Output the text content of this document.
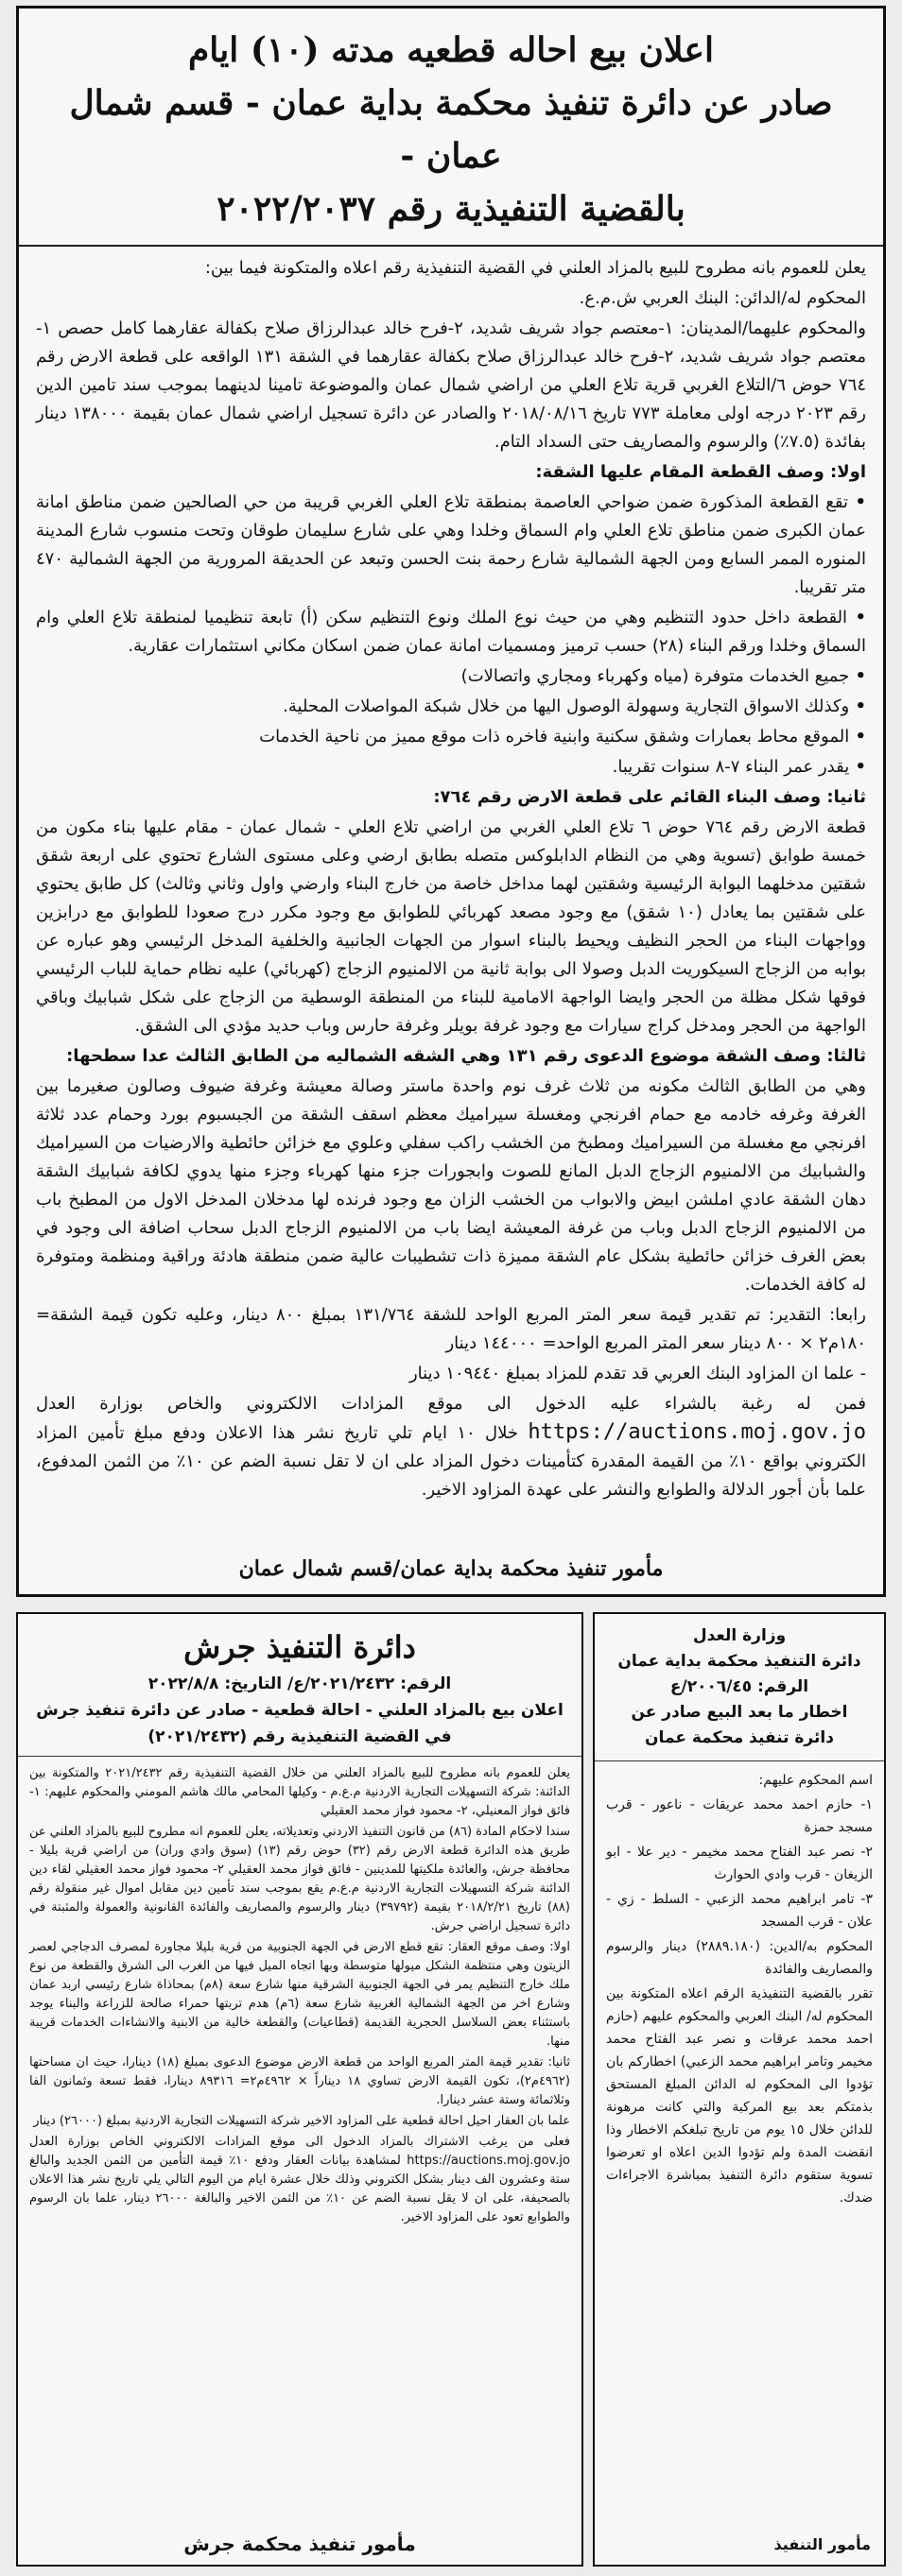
اعلان بيع احاله قطعيه مدته (١٠) ايام
صادر عن دائرة تنفيذ محكمة بداية عمان - قسم شمال عمان -
بالقضية التنفيذية رقم ٢٠٢٢/٢٠٣٧

يعلن للعموم بانه مطروح للبيع بالمزاد العلني في القضية التنفيذية رقم اعلاه والمتكونة فيما بين:

المحكوم له/الدائن: البنك العربي ش.م.ع.

والمحكوم عليهما/المدينان: ١-معتصم جواد شريف شديد، ٢-فرح خالد عبدالرزاق صلاح بكفالة عقارهما كامل حصص ١-معتصم جواد شريف شديد، ٢-فرح خالد عبدالرزاق صلاح بكفالة عقارهما في الشقة ١٣١ الواقعه على قطعة الارض رقم ٧٦٤ حوض ٦/التلاع الغربي قرية تلاع العلي من اراضي شمال عمان والموضوعة تامينا لدينهما بموجب سند تامين الدين رقم ٢٠٢٣ درجه اولى معاملة ٧٧٣ تاريخ ٢٠١٨/٠٨/١٦ والصادر عن دائرة تسجيل اراضي شمال عمان بقيمة ١٣٨٠٠٠ دينار بفائدة (٧.٥٪) والرسوم والمصاريف حتى السداد التام.

اولا: وصف القطعة المقام عليها الشقة:

• تقع القطعة المذكورة ضمن ضواحي العاصمة بمنطقة تلاع العلي الغربي قريبة من حي الصالحين ضمن مناطق امانة عمان الكبرى ضمن مناطق تلاع العلي وام السماق وخلدا وهي على شارع سليمان طوقان وتحت منسوب شارع المدينة المنوره الممر السابع ومن الجهة الشمالية شارع رحمة بنت الحسن وتبعد عن الحديقة المرورية من الجهة الشمالية ٤٧٠ متر تقريبا.

• القطعة داخل حدود التنظيم وهي من حيث نوع الملك ونوع التنظيم سكن (أ) تابعة تنظيميا لمنطقة تلاع العلي وام السماق وخلدا ورقم البناء (٢٨) حسب ترميز ومسميات امانة عمان ضمن اسكان مكاني استثمارات عقارية.

• جميع الخدمات متوفرة (مياه وكهرباء ومجاري واتصالات)

• وكذلك الاسواق التجارية وسهولة الوصول اليها من خلال شبكة المواصلات المحلية.

• الموقع محاط بعمارات وشقق سكنية وابنية فاخره ذات موقع مميز من ناحية الخدمات

• يقدر عمر البناء ٧-٨ سنوات تقريبا.

ثانيا: وصف البناء القائم على قطعة الارض رقم ٧٦٤:

قطعة الارض رقم ٧٦٤ حوض ٦ تلاع العلي الغربي من اراضي تلاع العلي - شمال عمان - مقام عليها بناء مكون من خمسة طوابق (تسوية وهي من النظام الدابلوكس متصله بطابق ارضي وعلى مستوى الشارع تحتوي على اربعة شقق شقتين مدخلهما البوابة الرئيسية وشقتين لهما مداخل خاصة من خارج البناء وارضي واول وثاني وثالث) كل طابق يحتوي على شقتين بما يعادل (١٠ شقق) مع وجود مصعد كهربائي للطوابق مع وجود مكرر درج صعودا للطوابق مع درابزين وواجهات البناء من الحجر النظيف ويحيط بالبناء اسوار من الجهات الجانبية والخلفية المدخل الرئيسي وهو عباره عن بوابه من الزجاج السيكوريت الدبل وصولا الى بوابة ثانية من الالمنيوم الزجاج (كهربائي) عليه نظام حماية للباب الرئيسي فوقها شكل مظلة من الحجر وايضا الواجهة الامامية للبناء من المنطقة الوسطية من الزجاج على شكل شبابيك وباقي الواجهة من الحجر ومدخل كراج سيارات مع وجود غرفة بويلر وغرفة حارس وباب حديد مؤدي الى الشقق.

ثالثا: وصف الشقة موضوع الدعوى رقم ١٣١ وهي الشقه الشماليه من الطابق الثالث عدا سطحها:

وهي من الطابق الثالث مكونه من ثلاث غرف نوم واحدة ماستر وصالة معيشة وغرفة ضيوف وصالون صغيرما بين الغرفة وغرفه خادمه مع حمام افرنجي ومغسلة سيراميك معظم اسقف الشقة من الجبسبوم بورد وحمام عدد ثلاثة افرنجي مع مغسلة من السيراميك ومطبخ من الخشب راكب سفلي وعلوي مع خزائن حائطية والارضيات من السيراميك والشبابيك من الالمنيوم الزجاج الدبل المانع للصوت وابجورات جزء منها كهرباء وجزء منها يدوي لكافة شبابيك الشقة دهان الشقة عادي املشن ابيض والابواب من الخشب الزان مع وجود فرنده لها مدخلان المدخل الاول من المطبخ باب من الالمنيوم الزجاج الدبل وباب من غرفة المعيشة ايضا باب من الالمنيوم الزجاج الدبل سحاب اضافة الى وجود في بعض الغرف خزائن حائطية بشكل عام الشقة مميزة ذات تشطيبات عالية ضمن منطقة هادئة وراقية ومنظمة ومتوفرة له كافة الخدمات.

رابعا: التقدير: تم تقدير قيمة سعر المتر المربع الواحد للشقة ١٣١/٧٦٤ بمبلغ ٨٠٠ دينار، وعليه تكون قيمة الشقة= ١٨٠م٢ × ٨٠٠ دينار سعر المتر المربع الواحد= ١٤٤٠٠٠ دينار

- علما ان المزاود البنك العربي قد تقدم للمزاد بمبلغ ١٠٩٤٤٠ دينار

فمن له رغبة بالشراء عليه الدخول الى موقع المزادات الالكتروني والخاص بوزارة العدل https://auctions.moj.gov.jo خلال ١٠ ايام تلي تاريخ نشر هذا الاعلان ودفع مبلغ تأمين المزاد الكتروني بواقع ١٠٪ من القيمة المقدرة كتأمينات دخول المزاد على ان لا تقل نسبة الضم عن ١٠٪ من الثمن المدفوع، علما بأن أجور الدلالة والطوابع والنشر على عهدة المزاود الاخير.

مأمور تنفيذ محكمة بداية عمان/قسم شمال عمان
دائرة التنفيذ جرش
الرقم: ٢٠٢١/٢٤٣٢/ع/ التاريخ: ٢٠٢٢/٨/٨
اعلان بيع بالمزاد العلني - احالة قطعية - صادر عن دائرة تنفيذ جرش
في القضية التنفيذية رقم (٢٠٢١/٢٤٣٢)

يعلن للعموم بانه مطروح للبيع بالمزاد العلني من خلال القضية التنفيذية رقم ٢٠٢١/٢٤٣٢ والمتكونة بين الدائنة: شركة التسهيلات التجارية الاردنية م.ع.م - وكيلها المحامي مالك هاشم المومني والمحكوم عليهم: ١- فائق فواز المعنيلي، ٢- محمود فواز محمد العقيلي

سندا لاحكام المادة (٨٦) من قانون التنفيذ الاردني وتعديلاته، يعلن للعموم انه مطروح للبيع بالمزاد العلني عن طريق هذه الدائرة قطعة الارض رقم (٣٢) حوض رقم (١٣) (سوق وادي وران) من اراضي قرية بليلا - محافظة جرش، والعائدة ملكيتها للمدينين - فائق فواز محمد العقيلي ٢- محمود فواز محمد العقيلي لقاء دين الدائنة شركة التسهيلات التجارية الاردنية م.ع.م يقع بموجب سند تأمين دين مقابل اموال غير منقولة رقم (٨٨) تاريخ ٢٠١٨/٢/٢١ بقيمة (٣٩٧٩٢) دينار والرسوم والمصاريف والفائدة القانونية والعمولة والمثبتة في دائرة تسجيل اراضي جرش.

اولا: وصف موقع العقار: تقع قطع الارض في الجهة الجنوبية من قرية بليلا مجاورة لمصرف الدجاجي لعصر الزيتون وهي منتظمة الشكل ميولها متوسطة وبها اتجاه الميل فيها من الغرب الى الشرق والقطعة من نوع ملك خارج التنظيم يمر في الجهة الجنوبية الشرقية منها شارع سعة (٨م) بمحاذاة شارع رئيسي اربد عمان وشارع اخر من الجهة الشمالية الغربية شارع سعة (٦م) هدم تربتها حمراء صالحة للزراعة والبناء يوجد باستثناء بعض السلاسل الحجرية القديمة (قطاعيات) والقطعة خالية من الابنية والانشاءات الخدمات قريبة منها.

ثانيا: تقدير قيمة المتر المربع الواحد من قطعة الارض موضوع الدعوى بمبلغ (١٨) دينارا، حيث ان مساحتها (٤٩٦٢م٢)، تكون القيمة الارض تساوي ١٨ ديناراً × ٤٩٦٢م٢= ٨٩٣١٦ دينارا، فقط تسعة وثمانون الفا وثلاثمائة وستة عشر دينارا.

علما بان العقار احيل احالة قطعية على المزاود الاخير شركة التسهيلات التجارية الاردنية بمبلغ (٢٦٠٠٠) دينار

فعلى من يرغب الاشتراك بالمزاد الدخول الى موقع المزادات الالكتروني الخاص بوزارة العدل https://auctions.moj.gov.jo لمشاهدة بيانات العقار ودفع ١٠٪ قيمة التأمين من الثمن الجديد والبالغ ستة وعشرون الف دينار بشكل الكتروني وذلك خلال عشرة ايام من اليوم التالي يلي تاريخ نشر هذا الاعلان بالصحيفة، على ان لا يقل نسبة الضم عن ١٠٪ من الثمن الاخير والبالغة ٢٦٠٠٠ دينار، علما بان الرسوم والطوابع تعود على المزاود الاخير.

مأمور تنفيذ محكمة جرش
وزارة العدل
دائرة التنفيذ محكمة بداية عمان
الرقم: ٢٠٠٦/٤٥/ع
اخطار ما بعد البيع صادر عن
دائرة تنفيذ محكمة عمان

اسم المحكوم عليهم:

١- حازم احمد محمد عريقات - ناعور - قرب مسجد حمزة

٢- نصر عبد الفتاح محمد مخيمر - دير علا - ابو الزيغان - قرب وادي الحوارث

٣- تامر ابراهيم محمد الزعبي - السلط - زي - علان - قرب المسجد

المحكوم به/الدين: (٢٨٨٩.١٨٠) دينار والرسوم والمصاريف والفائدة

تقرر بالقضية التنفيذية الرقم اعلاه المتكونة بين المحكوم له/ البنك العربي والمحكوم عليهم (حازم احمد محمد عرقات و نصر عبد الفتاح محمد مخيمر وتامر ابراهيم محمد الزعبي) اخطاركم بان تؤدوا الى المحكوم له الدائن المبلغ المستحق بذمتكم بعد بيع المركبة والتي كانت مرهونة للدائن خلال ١٥ يوم من تاريخ تبلغكم الاخطار وذا انقضت المدة ولم تؤدوا الدين اعلاه او تعرضوا تسوية ستقوم دائرة التنفيذ بمباشرة الاجراءات ضدك.

مأمور التنفيذ
